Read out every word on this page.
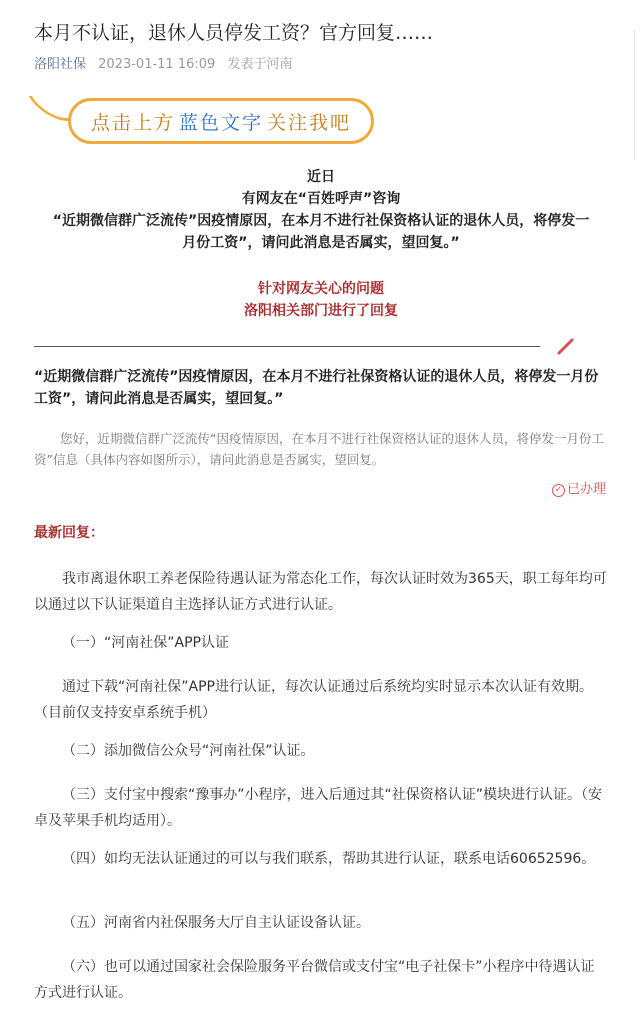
本月不认证，退休人员停发工资？官方回复……
洛阳社保 2023-01-11 16:09 发表于河南
点击上方 蓝色文字 关注我吧
近日
有网友在“百姓呼声”咨询
“近期微信群广泛流传”因疫情原因，在本月不进行社保资格认证的退休人员，将停发一
月份工资”，请问此消息是否属实，望回复。”
针对网友关心的问题
洛阳相关部门进行了回复
“近期微信群广泛流传”因疫情原因，在本月不进行社保资格认证的退休人员，将停发一月份工资”，请问此消息是否属实，望回复。”
您好，近期微信群广泛流传“因疫情原因，在本月不进行社保资格认证的退休人员，将停发一月份工资”信息（具体内容如图所示），请问此消息是否属实，望回复。
✓ 已办理
最新回复：
我市离退休职工养老保险待遇认证为常态化工作，每次认证时效为365天，职工每年均可以通过以下认证渠道自主选择认证方式进行认证。
（一）“河南社保”APP认证
通过下载“河南社保”APP进行认证，每次认证通过后系统均实时显示本次认证有效期。（目前仅支持安卓系统手机）
（二）添加微信公众号“河南社保”认证。
（三）支付宝中搜索“豫事办”小程序，进入后通过其“社保资格认证”模块进行认证。（安卓及苹果手机均适用）。
（四）如均无法认证通过的可以与我们联系，帮助其进行认证，联系电话60652596。
（五）河南省内社保服务大厅自主认证设备认证。
（六）也可以通过国家社会保险服务平台微信或支付宝“电子社保卡”小程序中待遇认证方式进行认证。
